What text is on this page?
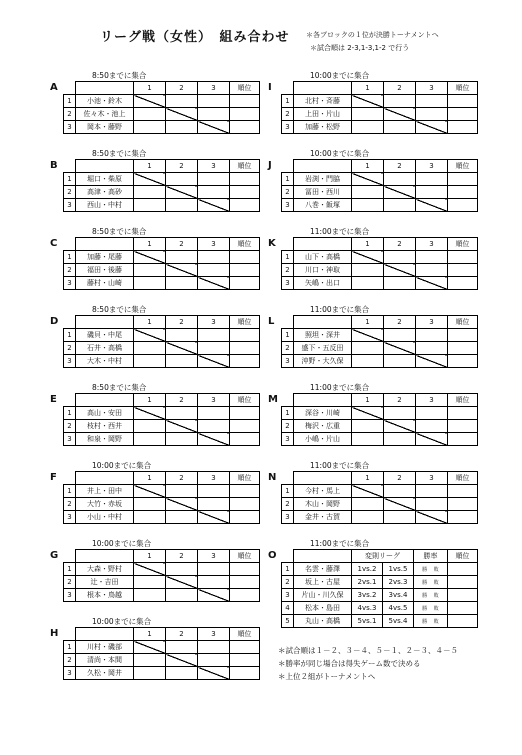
リーグ戦（女性）　組み合わせ ＊各ブロックの１位が決勝トーナメントへ
＊試合順は 2-3,1-3,1-2 で行う
8:50までに集合
A
			1	2	3	順位
1	小池・鈴木				
2	佐々木・池上				
3	岡本・藤野				
8:50までに集合
B
			1	2	3	順位
1	堀口・柴原				
2	高津・高砂				
3	西山・中村				
8:50までに集合
C
			1	2	3	順位
1	加藤・尾藤				
2	福田・後藤				
3	藤村・山崎				
8:50までに集合
D
			1	2	3	順位
1	磯貝・中尾				
2	石井・高橋				
3	大木・中村				
8:50までに集合
E
			1	2	3	順位
1	高山・安田				
2	枝村・西井				
3	和泉・岡野				
10:00までに集合
F
			1	2	3	順位
1	井上・田中				
2	大竹・赤坂				
3	小山・中村				
10:00までに集合
G
			1	2	3	順位
1	大森・野村				
2	辻・吉田				
3	根本・鳥越				
10:00までに集合
H
			1	2	3	順位
1	川村・磯部				
2	清尚・本間				
3	久松・岡井				
10:00までに集合
I
			1	2	3	順位
1	北村・斉藤				
2	上田・片山				
3	加藤・松野				
10:00までに集合
J
			1	2	3	順位
1	岩渕・門脇				
2	冨田・西川				
3	八巻・飯塚				
11:00までに集合
K
			1	2	3	順位
1	山下・高橋				
2	川口・神取				
3	矢嶋・出口				
11:00までに集合
L
			1	2	3	順位
1	照坦・深井				
2	盛下・五反田				
3	沖野・大久保				
11:00までに集合
M
			1	2	3	順位
1	深谷・川崎				
2	梅沢・広重				
3	小嶋・片山				
11:00までに集合
N
			1	2	3	順位
1	今村・馬上				
2	木山・岡野				
3	金井・古賀				
11:00までに集合
O
			変則リーグ		勝率	順位
1	名雲・藤澤	1vs.2	1vs.5	勝 敗	
2	坂上・古屋	2vs.1	2vs.3	勝 敗	
3	片山・川久保	3vs.2	3vs.4	勝 敗	
4	松本・島田	4vs.3	4vs.5	勝 敗	
5	丸山・高橋	5vs.1	5vs.4	勝 敗	
＊試合順は１－２、３－４、５－１、２－３、４－５
＊勝率が同じ場合は得失ゲーム数で決める
＊上位２組がトーナメントへ
